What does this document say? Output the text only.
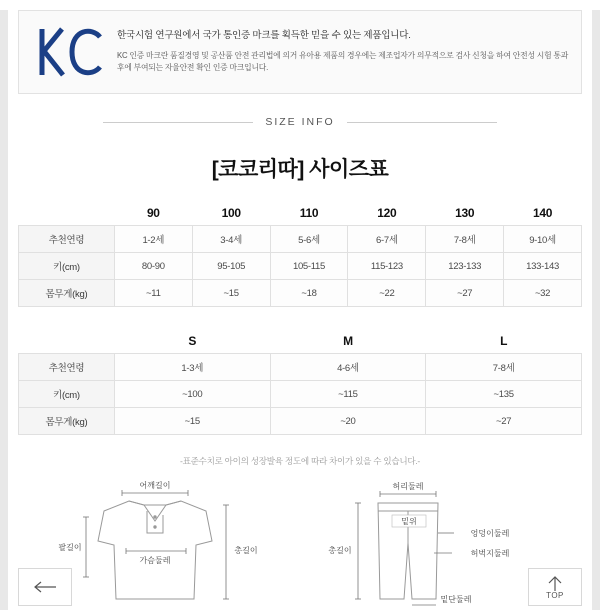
한국시험 연구원에서 국가 통인증 마크를 획득한 믿을 수 있는 제품입니다.
KC 인증 마크란 품질경영 및 공산품 안전 관리법에 의거 유아용 제품의 경우에는 제조업자가 의무적으로 검사 신청을 하여 안전성 시험 통과 후에 부여되는 자율안전 확인 인증 마크입니다.
SIZE INFO
[코코리따] 사이즈표
	90	100	110	120	130	140
추천연령	1-2세	3-4세	5-6세	6-7세	7-8세	9-10세
키(cm)	80-90	95-105	105-115	115-123	123-133	133-143
몸무게(kg)	~11	~15	~18	~22	~27	~32
	S	M	L
추천연령	1-3세	4-6세	7-8세
키(cm)	~100	~115	~135
몸무게(kg)	~15	~20	~27
-표준수치로 아이의 성장발육 정도에 따라 차이가 있을 수 있습니다.-
어깨길이
팔길이
가슴둘레
총길이
허리둘레
밑위
엉덩이둘레
허벅지둘레
밑단둘레
총길이
TOP
